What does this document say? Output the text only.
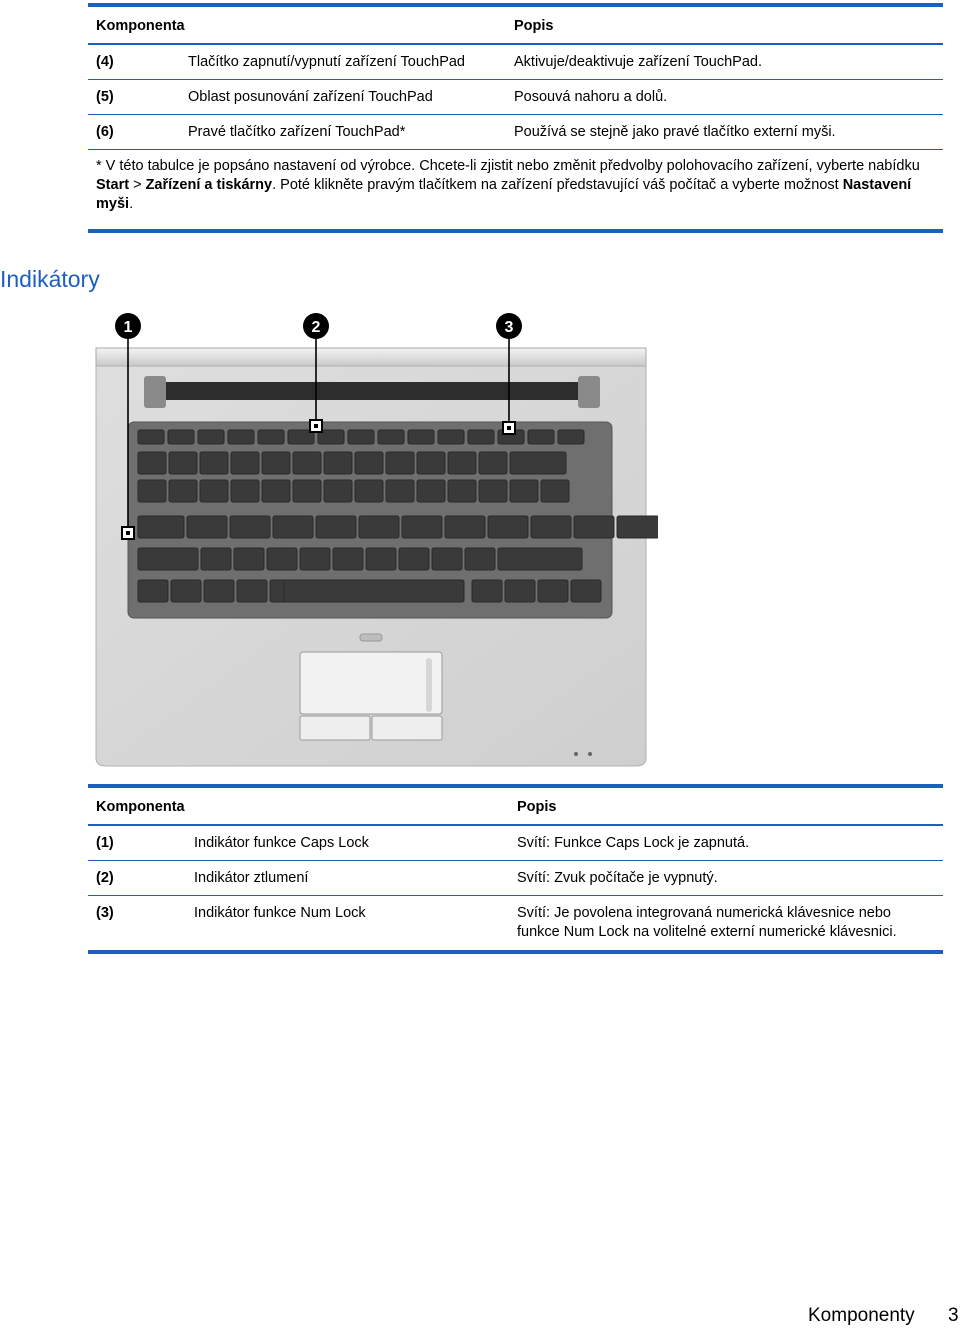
Komponenta	Popis
(4)	Tlačítko zapnutí/vypnutí zařízení TouchPad	Aktivuje/deaktivuje zařízení TouchPad.
(5)	Oblast posunování zařízení TouchPad	Posouvá nahoru a dolů.
(6)	Pravé tlačítko zařízení TouchPad*	Používá se stejně jako pravé tlačítko externí myši.
* V této tabulce je popsáno nastavení od výrobce. Chcete-li zjistit nebo změnit předvolby polohovacího zařízení, vyberte nabídku Start > Zařízení a tiskárny. Poté klikněte pravým tlačítkem na zařízení představující váš počítač a vyberte možnost Nastavení myši.
Indikátory
1	2	3
Komponenta	Popis
(1)	Indikátor funkce Caps Lock	Svítí: Funkce Caps Lock je zapnutá.
(2)	Indikátor ztlumení	Svítí: Zvuk počítače je vypnutý.
(3)	Indikátor funkce Num Lock	Svítí: Je povolena integrovaná numerická klávesnice nebo funkce Num Lock na volitelné externí numerické klávesnici.
Komponenty 3
